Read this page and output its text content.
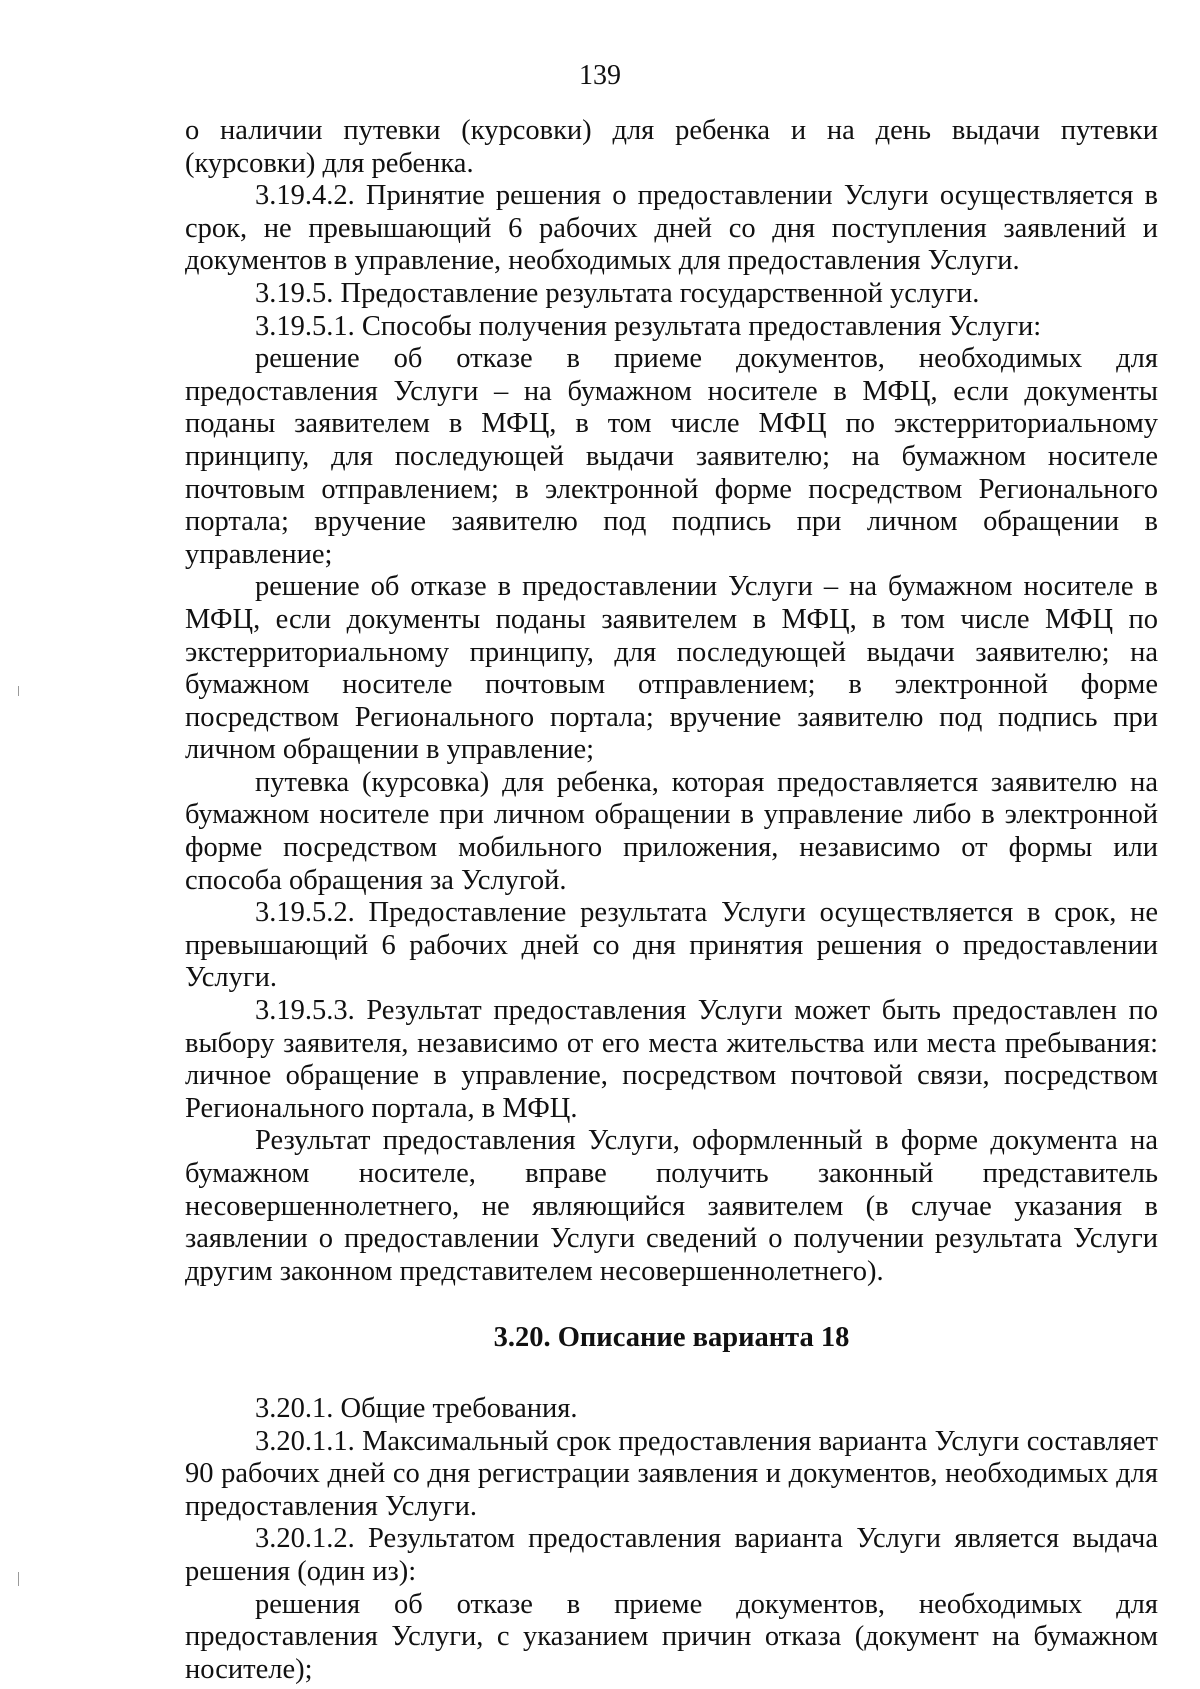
139

о наличии путевки (курсовки) для ребенка и на день выдачи путевки (курсовки) для ребенка.

3.19.4.2. Принятие решения о предоставлении Услуги осуществляется в срок, не превышающий 6 рабочих дней со дня поступления заявлений и документов в управление, необходимых для предоставления Услуги.

3.19.5. Предоставление результата государственной услуги.

3.19.5.1. Способы получения результата предоставления Услуги:

решение об отказе в приеме документов, необходимых для предоставления Услуги – на бумажном носителе в МФЦ, если документы поданы заявителем в МФЦ, в том числе МФЦ по экстерриториальному принципу, для последующей выдачи заявителю; на бумажном носителе почтовым отправлением; в электронной форме посредством Регионального портала; вручение заявителю под подпись при личном обращении в управление;

решение об отказе в предоставлении Услуги – на бумажном носителе в МФЦ, если документы поданы заявителем в МФЦ, в том числе МФЦ по экстерриториальному принципу, для последующей выдачи заявителю; на бумажном носителе почтовым отправлением; в электронной форме посредством Регионального портала; вручение заявителю под подпись при личном обращении в управление;

путевка (курсовка) для ребенка, которая предоставляется заявителю на бумажном носителе при личном обращении в управление либо в электронной форме посредством мобильного приложения, независимо от формы или способа обращения за Услугой.

3.19.5.2. Предоставление результата Услуги осуществляется в срок, не превышающий 6 рабочих дней со дня принятия решения о предоставлении Услуги.

3.19.5.3. Результат предоставления Услуги может быть предоставлен по выбору заявителя, независимо от его места жительства или места пребывания: личное обращение в управление, посредством почтовой связи, посредством Регионального портала, в МФЦ.

Результат предоставления Услуги, оформленный в форме документа на бумажном носителе, вправе получить законный представитель несовершеннолетнего, не являющийся заявителем (в случае указания в заявлении о предоставлении Услуги сведений о получении результата Услуги другим законном представителем несовершеннолетнего).

3.20. Описание варианта 18

3.20.1. Общие требования.

3.20.1.1. Максимальный срок предоставления варианта Услуги составляет 90 рабочих дней со дня регистрации заявления и документов, необходимых для предоставления Услуги.

3.20.1.2. Результатом предоставления варианта Услуги является выдача решения (один из):

решения об отказе в приеме документов, необходимых для предоставления Услуги, с указанием причин отказа (документ на бумажном носителе);
